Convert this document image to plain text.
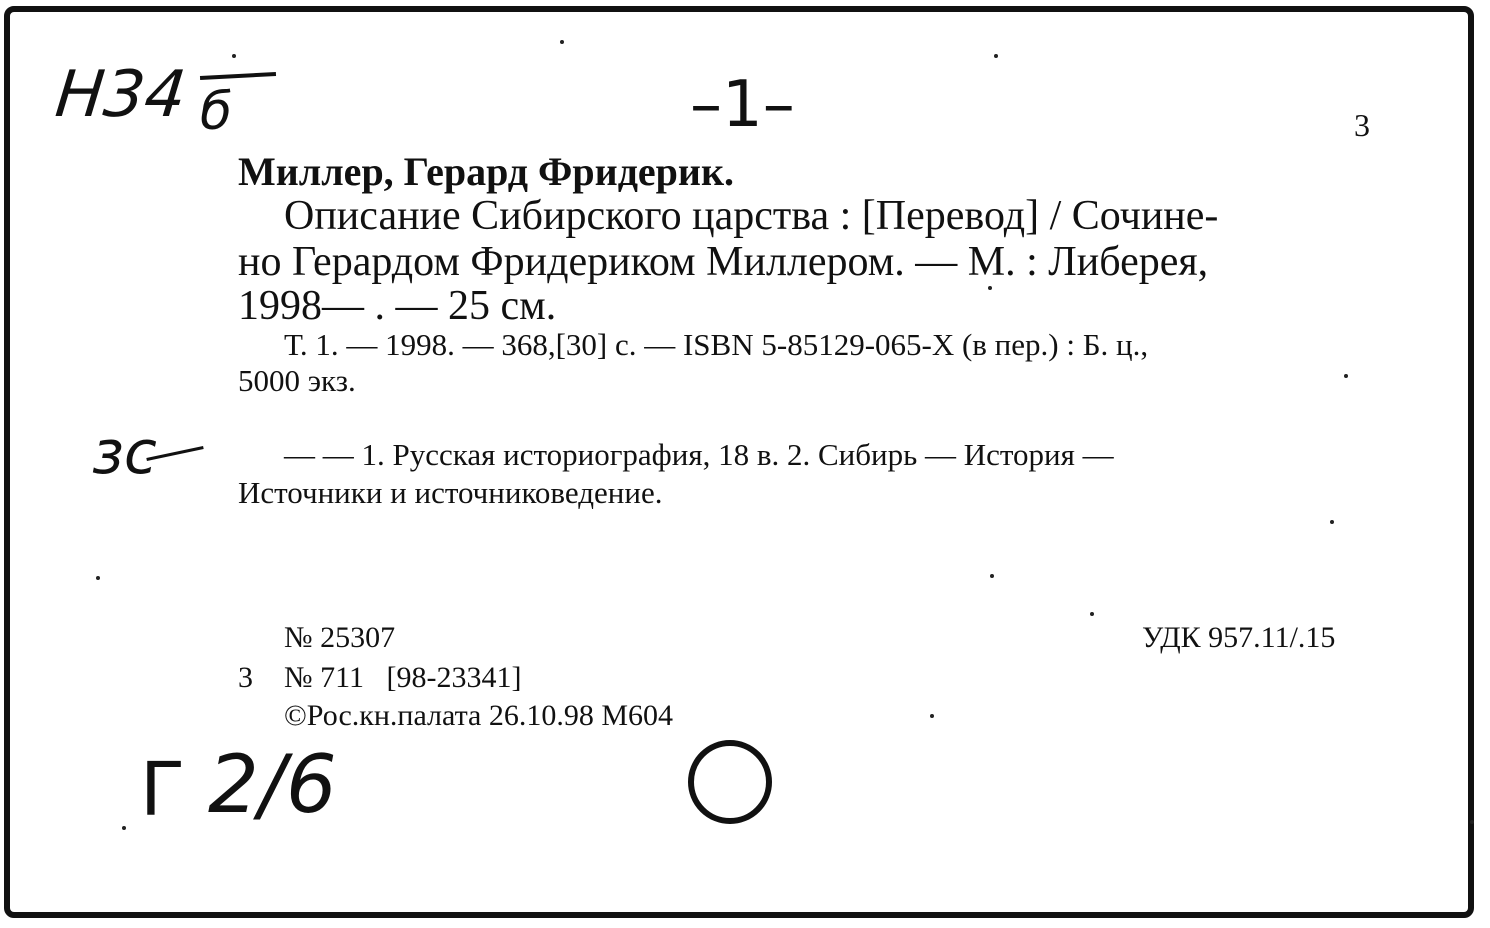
Н34 б	–1–
зс
Г 2/6
3
Миллер, Герард Фридерик.
Описание Сибирского царства : [Перевод] / Сочине-
но Герардом Фридериком Миллером. — М. : Либерея,
1998— . — 25 см.
Т. 1. — 1998. — 368,[30] с. — ISBN 5-85129-065-Х (в пер.) : Б. ц.,
5000 экз.
— — 1. Русская историография, 18 в. 2. Сибирь — История —
Источники и источниковедение.
№ 25307	УДК 957.11/.15
3 № 711   [98-23341]
©Рос.кн.палата 26.10.98 М604
